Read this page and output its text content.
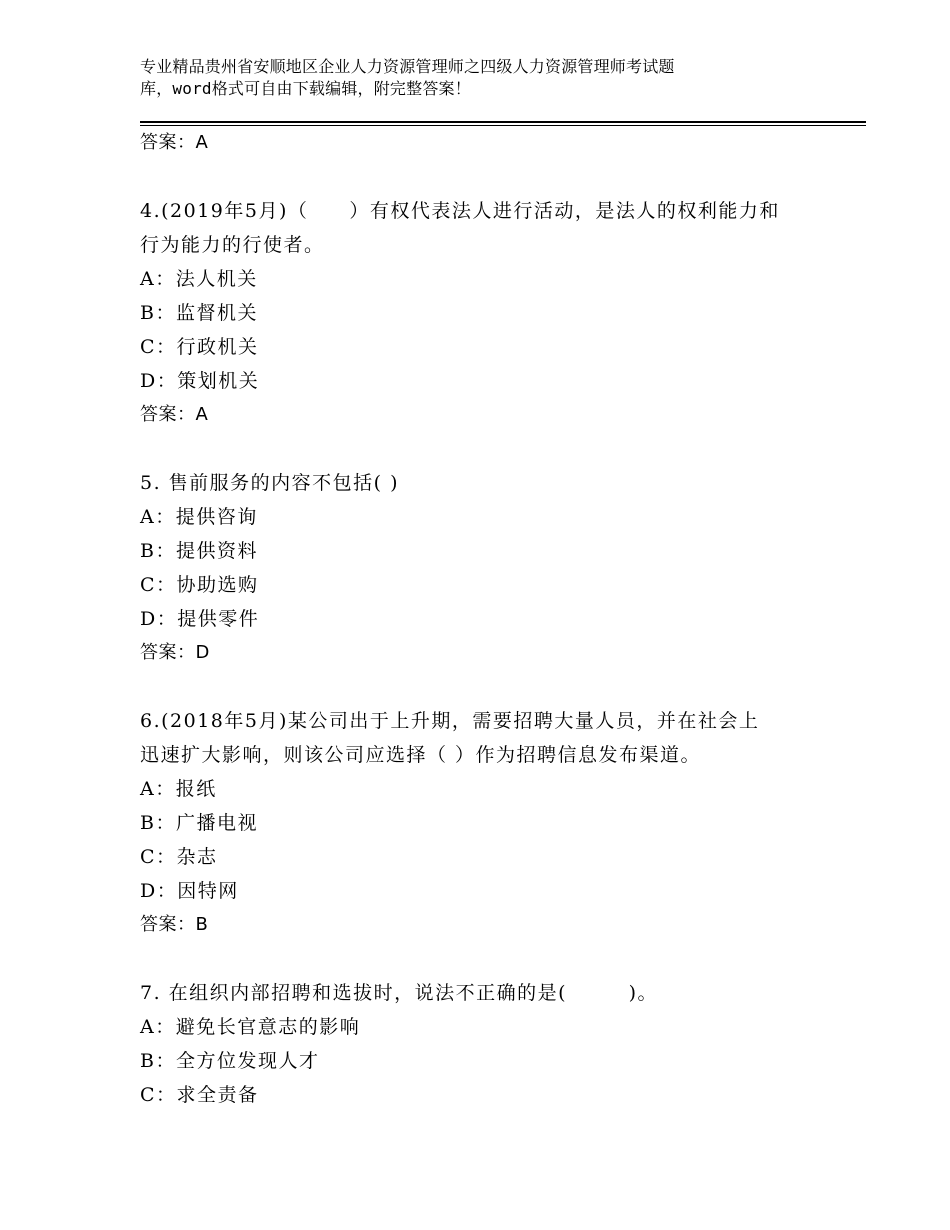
专业精品贵州省安顺地区企业人力资源管理师之四级人力资源管理师考试题
库，word格式可自由下载编辑，附完整答案！
答案：A
4.(2019年5月)（　　）有权代表法人进行活动，是法人的权利能力和
行为能力的行使者。
A：法人机关
B：监督机关
C：行政机关
D：策划机关
答案：A
5. 售前服务的内容不包括( )
A：提供咨询
B：提供资料
C：协助选购
D：提供零件
答案：D
6.(2018年5月)某公司出于上升期，需要招聘大量人员，并在社会上
迅速扩大影响，则该公司应选择（ ）作为招聘信息发布渠道。
A：报纸
B：广播电视
C：杂志
D：因特网
答案：B
7. 在组织内部招聘和选拔时，说法不正确的是(　　　)。
A：避免长官意志的影响
B：全方位发现人才
C：求全责备
